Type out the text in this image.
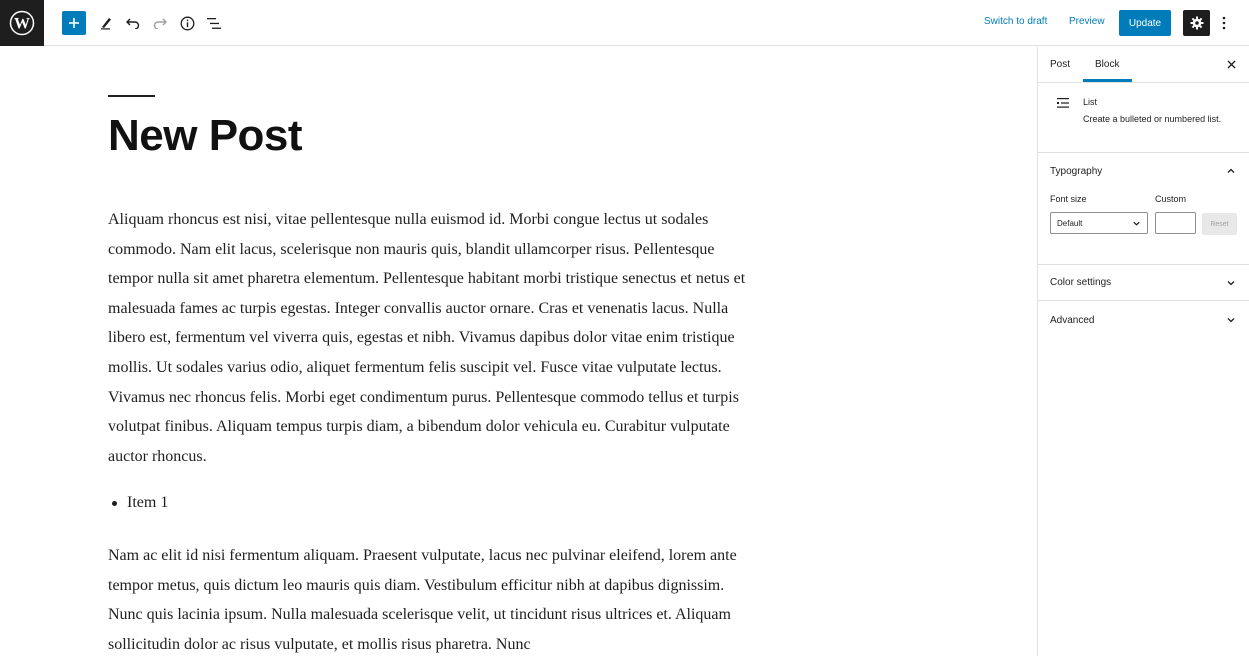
W	Switch to draft Preview	Update
New Post

Aliquam rhoncus est nisi, vitae pellentesque nulla euismod id. Morbi congue lectus ut sodales commodo. Nam elit lacus, scelerisque non mauris quis, blandit ullamcorper risus. Pellentesque tempor nulla sit amet pharetra elementum. Pellentesque habitant morbi tristique senectus et netus et malesuada fames ac turpis egestas. Integer convallis auctor ornare. Cras et venenatis lacus. Nulla libero est, fermentum vel viverra quis, egestas et nibh. Vivamus dapibus dolor vitae enim tristique mollis. Ut sodales varius odio, aliquet fermentum felis suscipit vel. Fusce vitae vulputate lectus. Vivamus nec rhoncus felis. Morbi eget condimentum purus. Pellentesque commodo tellus et turpis volutpat finibus. Aliquam tempus turpis diam, a bibendum dolor vehicula eu. Curabitur vulputate auctor rhoncus.

Item 1

Nam ac elit id nisi fermentum aliquam. Praesent vulputate, lacus nec pulvinar eleifend, lorem ante tempor metus, quis dictum leo mauris quis diam. Vestibulum efficitur nibh at dapibus dignissim. Nunc quis lacinia ipsum. Nulla malesuada scelerisque velit, ut tincidunt risus ultrices et. Aliquam sollicitudin dolor ac risus vulputate, et mollis risus pharetra. Nunc

Post Block
List
Create a bulleted or numbered list.
Typography
Font size	Custom
Default	Reset
Color settings
Advanced
